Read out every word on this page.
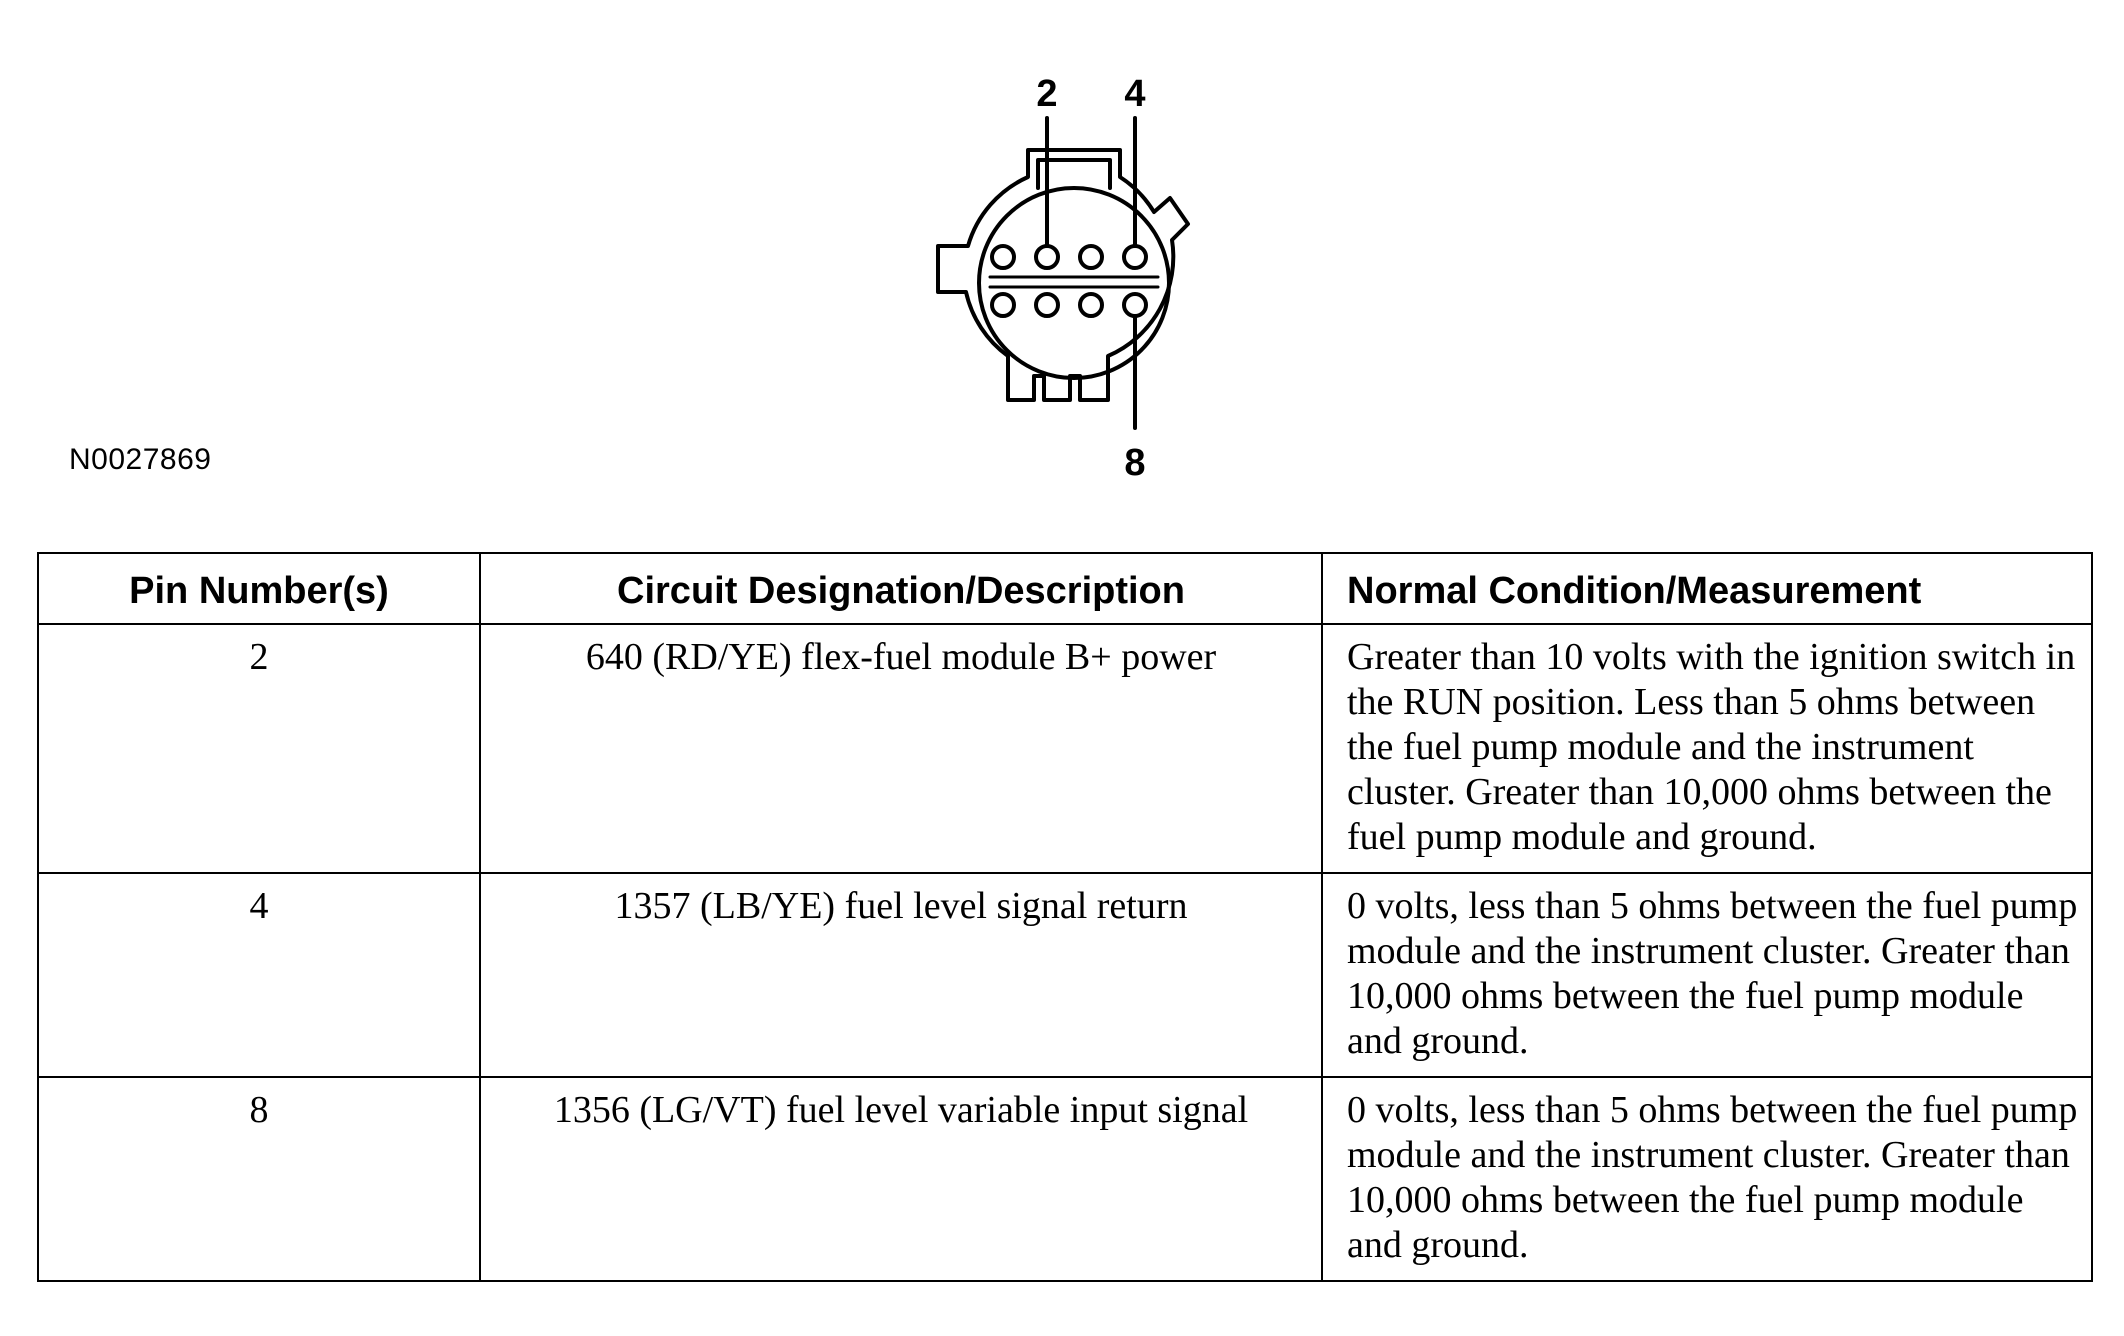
N0027869
2 4
8
Pin Number(s)	Circuit Designation/Description	Normal Condition/Measurement
2	640 (RD/YE) flex-fuel module B+ power	Greater than 10 volts with the ignition switch in the RUN position. Less than 5 ohms between the fuel pump module and the instrument cluster. Greater than 10,000 ohms between the fuel pump module and ground.
4	1357 (LB/YE) fuel level signal return	0 volts, less than 5 ohms between the fuel pump module and the instrument cluster. Greater than 10,000 ohms between the fuel pump module and ground.
8	1356 (LG/VT) fuel level variable input signal	0 volts, less than 5 ohms between the fuel pump module and the instrument cluster. Greater than 10,000 ohms between the fuel pump module and ground.
